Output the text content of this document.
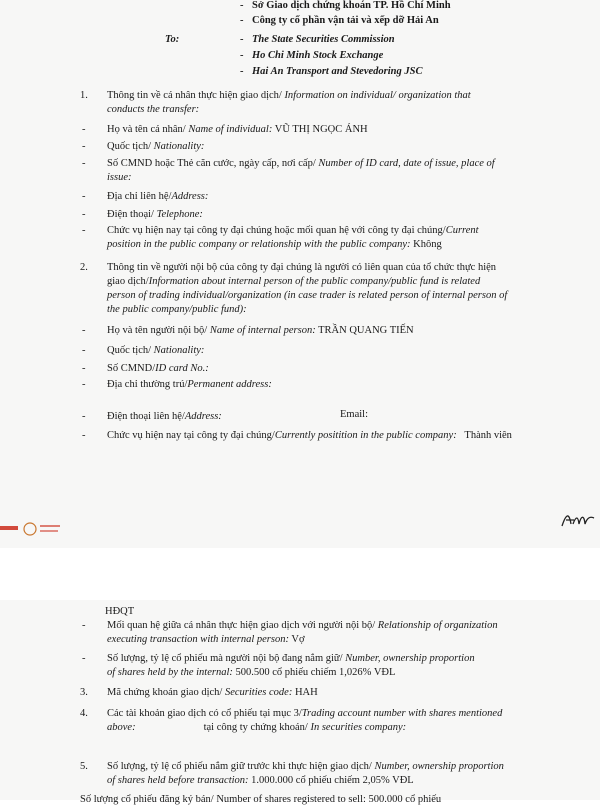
- Sở Giao dịch chứng khoán TP. Hồ Chí Minh
- Công ty cổ phần vận tải và xếp dỡ Hải An
To:	- The State Securities Commission
- Ho Chi Minh Stock Exchange
- Hai An Transport and Stevedoring JSC
1. Thông tin về cá nhân thực hiện giao dịch/ Information on individual/ organization that
conducts the transfer:
- Họ và tên cá nhân/ Name of individual: VŨ THỊ NGỌC ÁNH
- Quốc tịch/ Nationality:
- Số CMND hoặc Thẻ căn cước, ngày cấp, nơi cấp/ Number of ID card, date of issue, place of
issue:
- Địa chỉ liên hệ/Address:
- Điện thoại/ Telephone:
- Chức vụ hiện nay tại công ty đại chúng hoặc mối quan hệ với công ty đại chúng/Current
position in the public company or relationship with the public company: Không
2. Thông tin về người nội bộ của công ty đại chúng là người có liên quan của tổ chức thực hiện
giao dịch/Information about internal person of the public company/public fund is related
person of trading individual/organization (in case trader is related person of internal person of
the public company/public fund):
- Họ và tên người nội bộ/ Name of internal person: TRẦN QUANG TIẾN
- Quốc tịch/ Nationality:
- Số CMND/ID card No.:
- Địa chỉ thường trú/Permanent address:
- Điện thoại liên hệ/Address:	Email:
- Chức vụ hiện nay tại công ty đại chúng/Currently positition in the public company: Thành viên
HĐQT
- Mối quan hệ giữa cá nhân thực hiện giao dịch với người nội bộ/ Relationship of organization
executing transaction with internal person: Vợ
- Số lượng, tỷ lệ cổ phiếu mà người nội bộ đang nắm giữ/ Number, ownership proportion
of shares held by the internal: 500.500 cổ phiếu chiếm 1,026% VĐL
3. Mã chứng khoán giao dịch/ Securities code: HAH
4. Các tài khoản giao dịch có cổ phiếu tại mục 3/Trading account number with shares mentioned
above:	tại công ty chứng khoán/ In securities company:
5. Số lượng, tỷ lệ cổ phiếu nắm giữ trước khi thực hiện giao dịch/ Number, ownership proportion
of shares held before transaction: 1.000.000 cổ phiếu chiếm 2,05% VĐL
Số lượng cổ phiếu đăng ký bán/ Number of shares registered to sell: 500.000 cổ phiếu
